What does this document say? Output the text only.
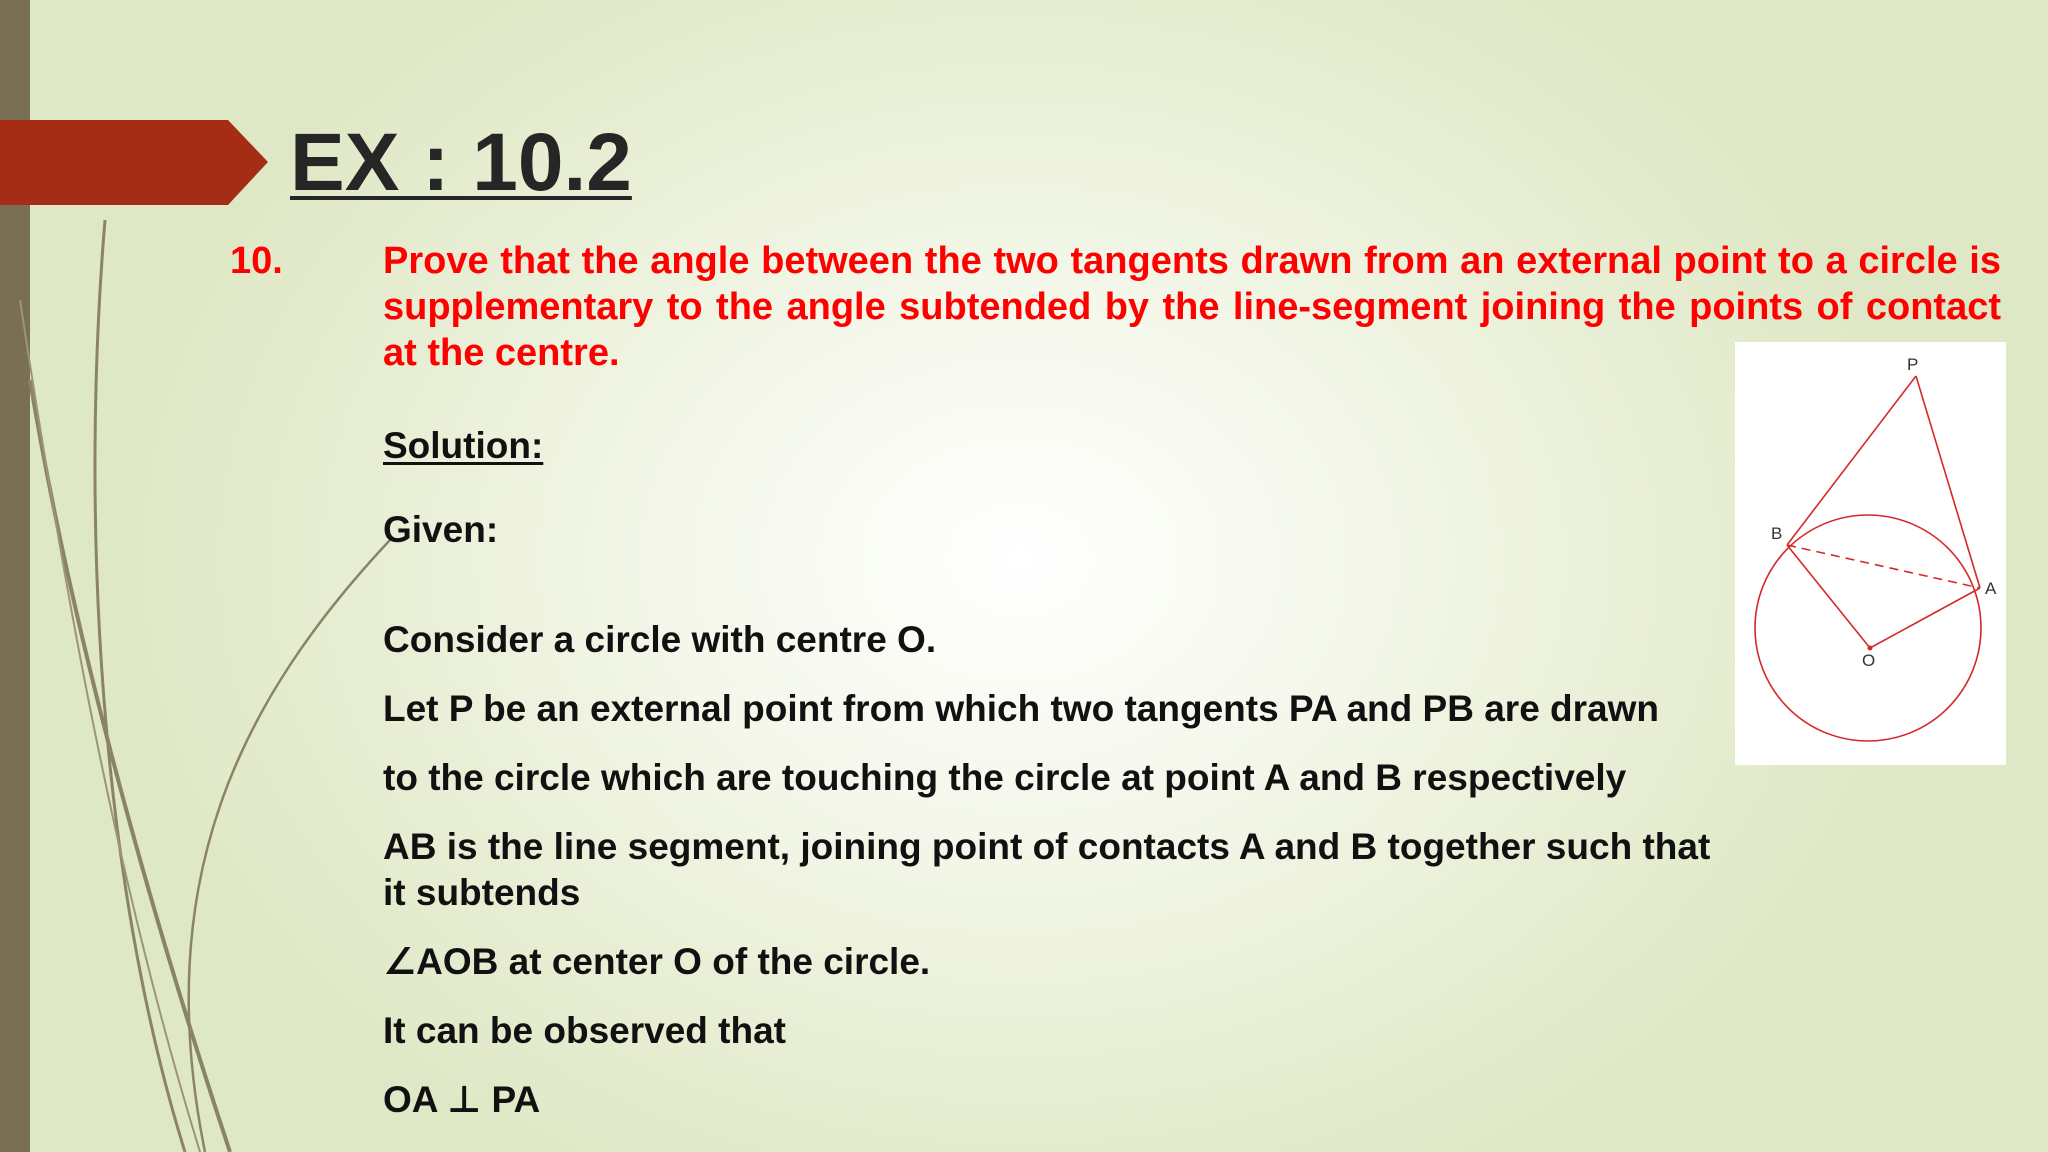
EX : 10.2
10.	Prove that the angle between the two tangents drawn from an external point to a circle is supplementary to the angle subtended by the line-segment joining the points of contact at the centre.

Solution:

Given:

Consider a circle with centre O.

Let P be an external point from which two tangents PA and PB are drawn

to the circle which are touching the circle at point A and B respectively

AB is the line segment, joining point of contacts A and B together such that it subtends

∠AOB at center O of the circle.

It can be observed that

OA ⊥ PA

P
B
A
O
